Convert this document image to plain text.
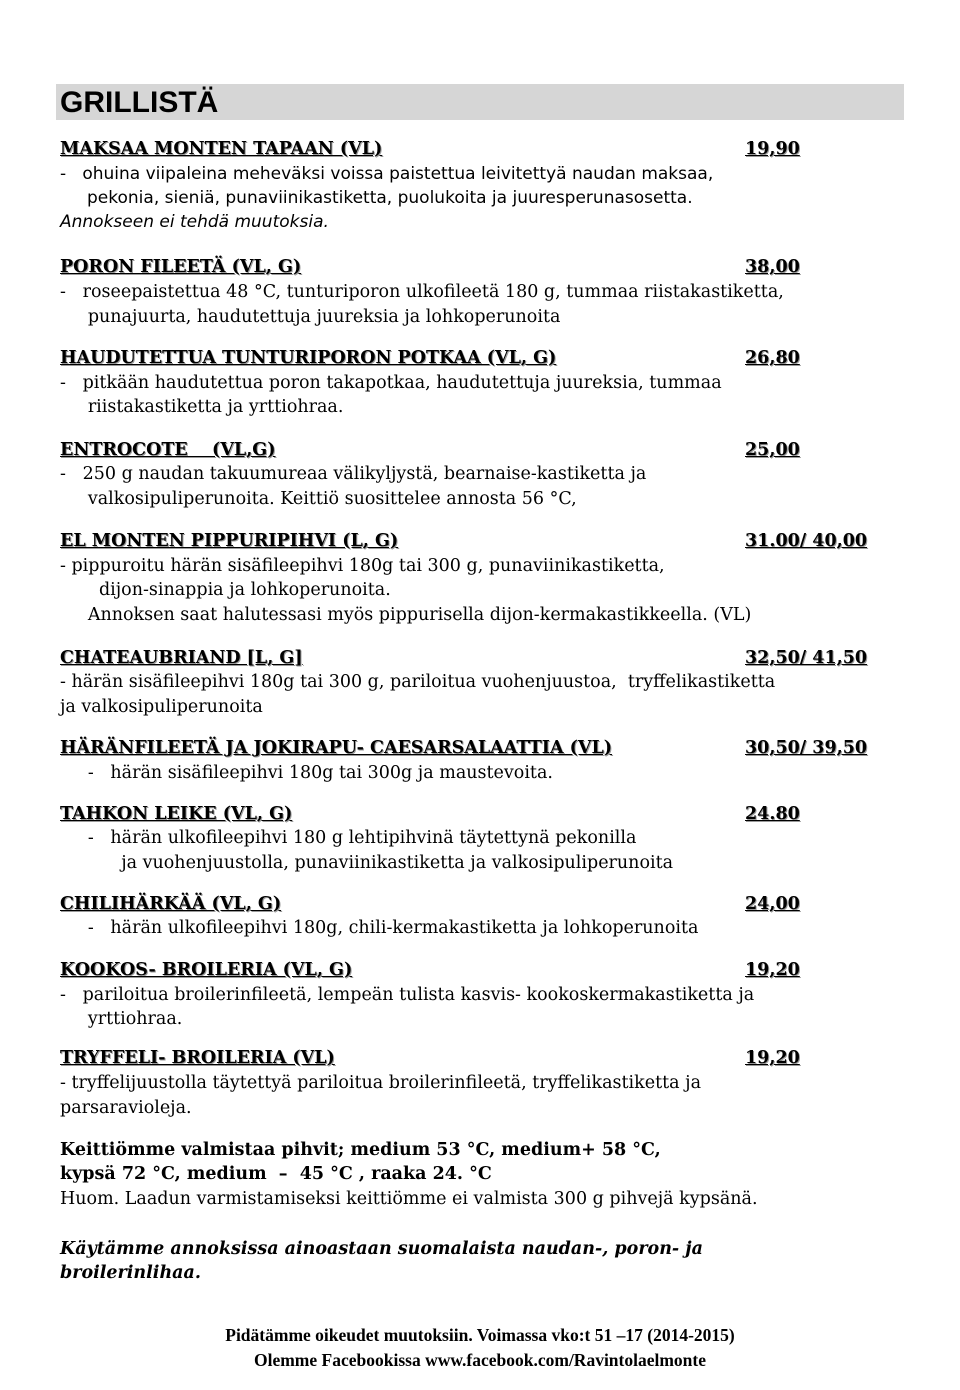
GRILLISTÄ
MAKSAA MONTEN TAPAAN (VL)	19,90
-   ohuina viipaleina meheväksi voissa paistettua leivitettyä naudan maksaa,
pekonia, sieniä, punaviinikastiketta, puolukoita ja juuresperunasosetta.
Annokseen ei tehdä muutoksia.
PORON FILEETÄ (VL, G)	38,00
-   roseepaistettua 48 °C, tunturiporon ulkofileetä 180 g, tummaa riistakastiketta,
punajuurta, haudutettuja juureksia ja lohkoperunoita
HAUDUTETTUA TUNTURIPORON POTKAA (VL, G)	26,80
-   pitkään haudutettua poron takapotkaa, haudutettuja juureksia, tummaa
riistakastiketta ja yrttiohraa.
ENTROCOTE    (VL,G)	25,00
-   250 g naudan takuumureaa välikyljystä, bearnaise-kastiketta ja
valkosipuliperunoita. Keittiö suosittelee annosta 56 °C,
EL MONTEN PIPPURIPIHVI (L, G)	31.00/ 40,00
- pippuroitu härän sisäfileepihvi 180g tai 300 g, punaviinikastiketta,
dijon-sinappia ja lohkoperunoita.
Annoksen saat halutessasi myös pippurisella dijon-kermakastikkeella. (VL)
CHATEAUBRIAND [L, G]	32,50/ 41,50
- härän sisäfileepihvi 180g tai 300 g, pariloitua vuohenjuustoa,  tryffelikastiketta
ja valkosipuliperunoita
HÄRÄNFILEETÄ JA JOKIRAPU- CAESARSALAATTIA (VL)	30,50/ 39,50
-   härän sisäfileepihvi 180g tai 300g ja maustevoita.
TAHKON LEIKE (VL, G)	24.80
-   härän ulkofileepihvi 180 g lehtipihvinä täytettynä pekonilla
ja vuohenjuustolla, punaviinikastiketta ja valkosipuliperunoita
CHILIHÄRKÄÄ (VL, G)	24,00
-   härän ulkofileepihvi 180g, chili-kermakastiketta ja lohkoperunoita
KOOKOS- BROILERIA (VL, G)	19,20
-   pariloitua broilerinfileetä, lempeän tulista kasvis- kookoskermakastiketta ja
yrttiohraa.
TRYFFELI- BROILERIA (VL)	19,20
- tryffelijuustolla täytettyä pariloitua broilerinfileetä, tryffelikastiketta ja
parsaravioleja.
Keittiömme valmistaa pihvit; medium 53 °C, medium+ 58 °C,
kypsä 72 °C, medium  –  45 °C , raaka 24. °C
Huom. Laadun varmistamiseksi keittiömme ei valmista 300 g pihvejä kypsänä.
Käytämme annoksissa ainoastaan suomalaista naudan-, poron- ja
broilerinlihaa.
Pidätämme oikeudet muutoksiin. Voimassa vko:t 51 –17 (2014-2015)
Olemme Facebookissa www.facebook.com/Ravintolaelmonte
